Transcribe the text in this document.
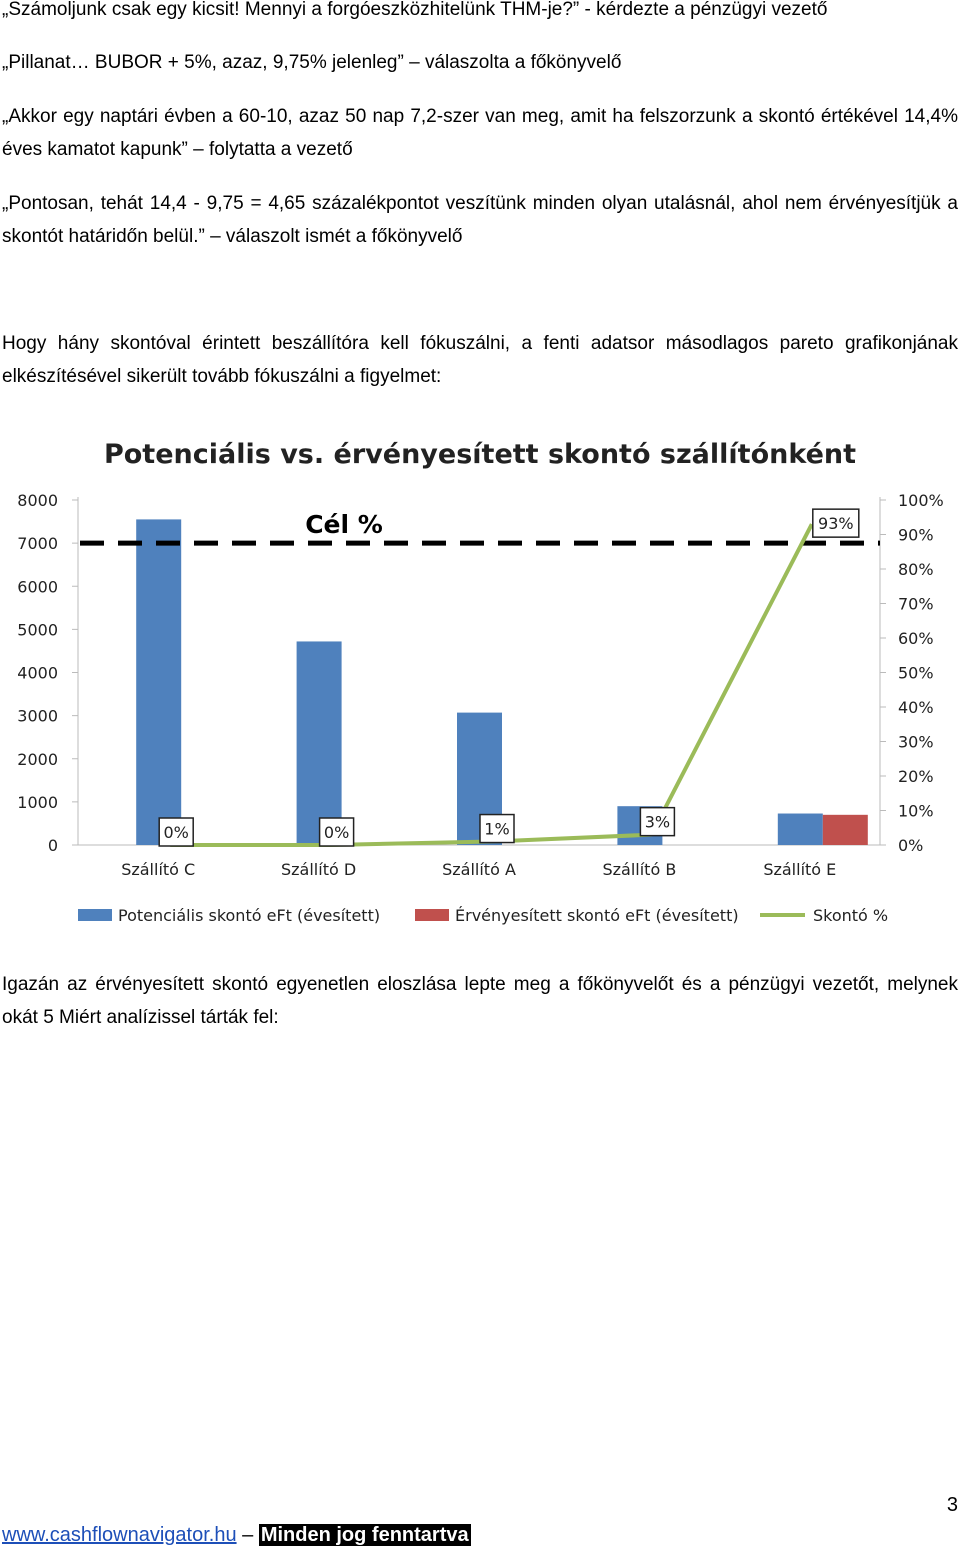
„Számoljunk csak egy kicsit! Mennyi a forgóeszközhitelünk THM-je?” - kérdezte a pénzügyi vezető

„Pillanat… BUBOR + 5%, azaz, 9,75% jelenleg” – válaszolta a főkönyvelő

„Akkor egy naptári évben a 60-10, azaz 50 nap 7,2-szer van meg, amit ha felszorzunk a skontó értékével 14,4% éves kamatot kapunk” – folytatta a vezető

„Pontosan, tehát 14,4 - 9,75 = 4,65 százalékpontot veszítünk minden olyan utalásnál, ahol nem érvényesítjük a skontót határidőn belül.” – válaszolt ismét a főkönyvelő

Hogy hány skontóval érintett beszállítóra kell fókuszálni, a fenti adatsor másodlagos pareto grafikonjának elkészítésével sikerült tovább fókuszálni a figyelmet:

Potenciális vs. érvényesített skontó szállítónként
0
1000
2000
3000
4000
5000
6000
7000
8000
0%
10%
20%
30%
40%
50%
60%
70%
80%
90%
100%
Cél %
0%	0%	1%	3%
93%
Szállító C	Szállító D	Szállító A	Szállító B	Szállító E
Potenciális skontó eFt (évesített)	Érvényesített skontó eFt (évesített)	Skontó %

Igazán az érvényesített skontó egyenetlen eloszlása lepte meg a főkönyvelőt és a pénzügyi vezetőt, melynek okát 5 Miért analízissel tárták fel:

3
www.cashflownavigator.hu – Minden jog fenntartva
